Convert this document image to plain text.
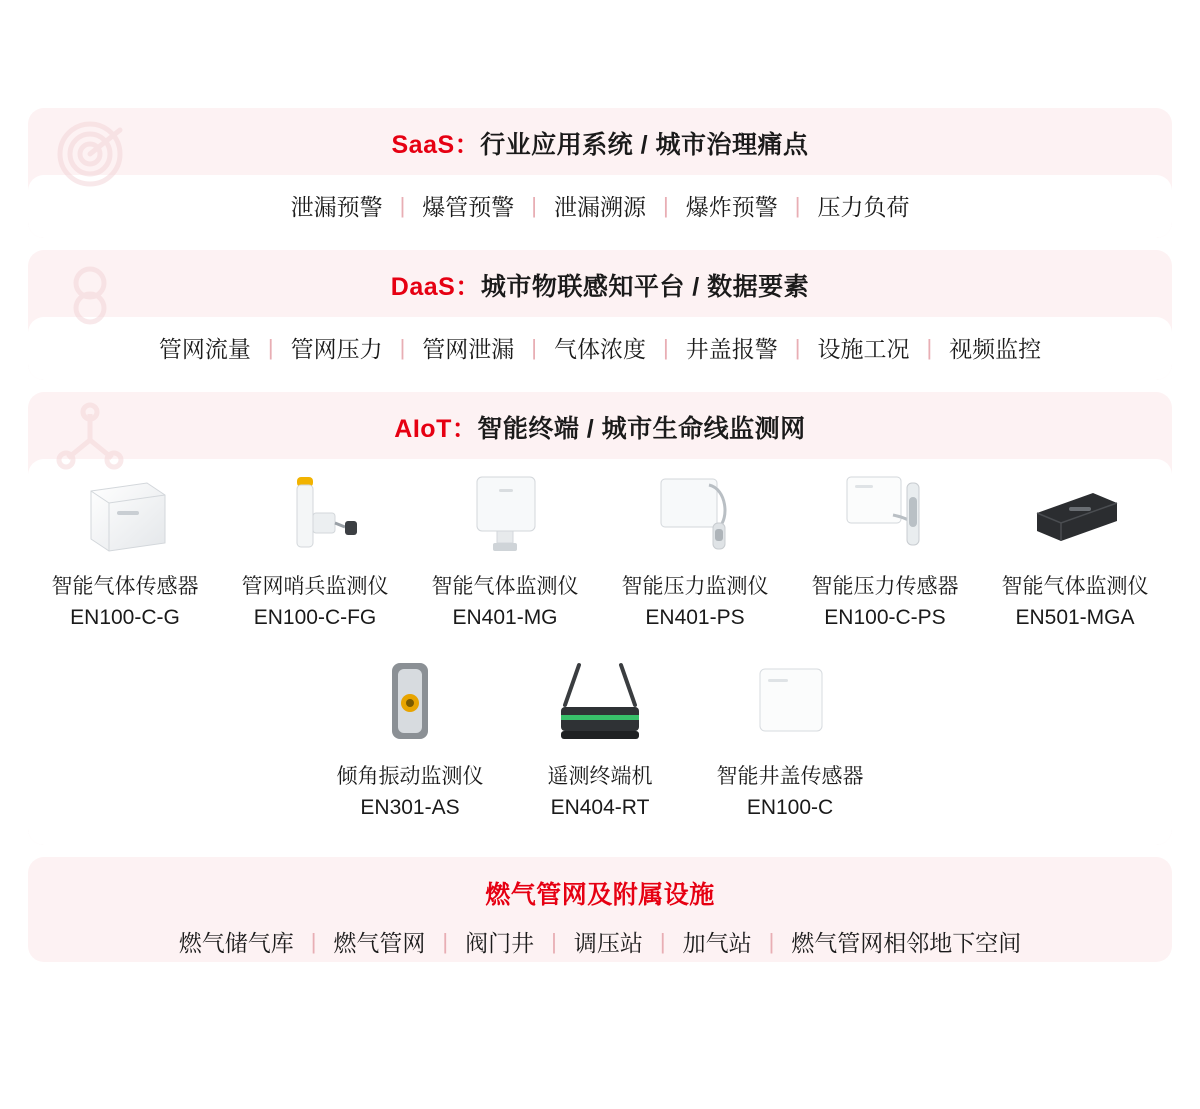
SaaS：行业应用系统 / 城市治理痛点
泄漏预警 | 爆管预警 | 泄漏溯源 | 爆炸预警 | 压力负荷
DaaS：城市物联感知平台 / 数据要素
管网流量 | 管网压力 | 管网泄漏 | 气体浓度 | 井盖报警 | 设施工况 | 视频监控
AIoT：智能终端 / 城市生命线监测网
智能气体传感器
EN100-C-G
管网哨兵监测仪
EN100-C-FG
智能气体监测仪
EN401-MG
智能压力监测仪
EN401-PS
智能压力传感器
EN100-C-PS
智能气体监测仪
EN501-MGA
倾角振动监测仪
EN301-AS
遥测终端机
EN404-RT
智能井盖传感器
EN100-C
燃气管网及附属设施
燃气储气库 | 燃气管网 | 阀门井 | 调压站 | 加气站 | 燃气管网相邻地下空间
